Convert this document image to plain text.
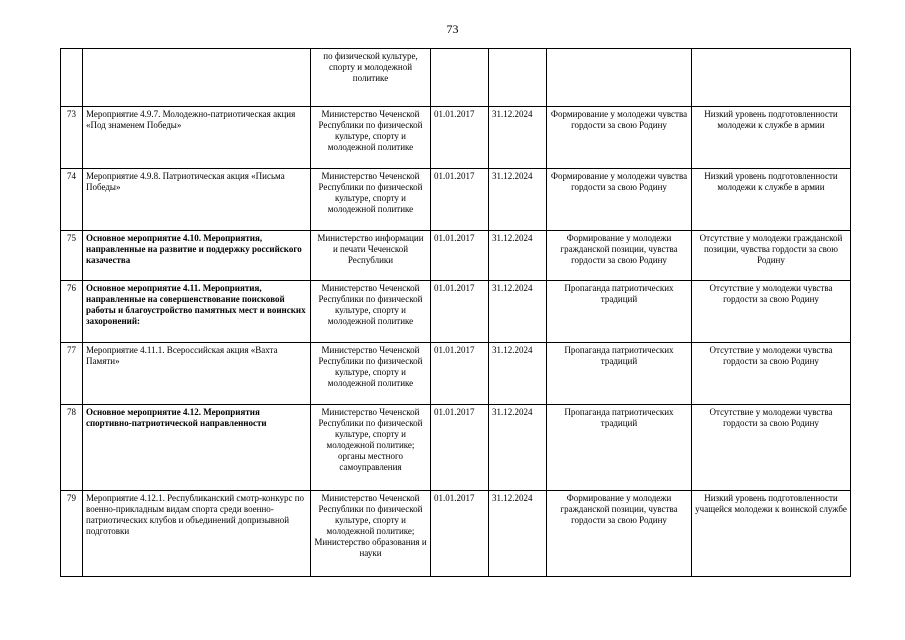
73
		по физической культуре, спорту и молодежной политике				
73	Мероприятие 4.9.7. Молодежно-патриотическая акция «Под знаменем Победы»	Министерство Чеченской Республики по физической культуре, спорту и молодежной политике	01.01.2017	31.12.2024	Формирование у молодежи чувства гордости за свою Родину	Низкий уровень подготовленности молодежи к службе в армии
74	Мероприятие 4.9.8. Патриотическая акция «Письма Победы»	Министерство Чеченской Республики по физической культуре, спорту и молодежной политике	01.01.2017	31.12.2024	Формирование у молодежи чувства гордости за свою Родину	Низкий уровень подготовленности молодежи к службе в армии
75	Основное мероприятие 4.10. Мероприятия, направленные на развитие и поддержку российского казачества	Министерство информации и печати Чеченской Республики	01.01.2017	31.12.2024	Формирование у молодежи гражданской позиции, чувства гордости за свою Родину	Отсутствие у молодежи гражданской позиции, чувства гордости за свою Родину
76	Основное мероприятие 4.11. Мероприятия, направленные на совершенствование поисковой работы и благоустройство памятных мест и воинских захоронений:	Министерство Чеченской Республики по физической культуре, спорту и молодежной политике	01.01.2017	31.12.2024	Пропаганда патриотических традиций	Отсутствие у молодежи чувства гордости за свою Родину
77	Мероприятие 4.11.1. Всероссийская акция «Вахта Памяти»	Министерство Чеченской Республики по физической культуре, спорту и молодежной политике	01.01.2017	31.12.2024	Пропаганда патриотических традиций	Отсутствие у молодежи чувства гордости за свою Родину
78	Основное мероприятие 4.12. Мероприятия спортивно-патриотической направленности	Министерство Чеченской Республики по физической культуре, спорту и молодежной политике; органы местного самоуправления	01.01.2017	31.12.2024	Пропаганда патриотических традиций	Отсутствие у молодежи чувства гордости за свою Родину
79	Мероприятие 4.12.1. Республиканский смотр-конкурс по военно-прикладным видам спорта среди военно-патриотических клубов и объединений допризывной подготовки	Министерство Чеченской Республики по физической культуре, спорту и молодежной политике; Министерство образования и науки	01.01.2017	31.12.2024	Формирование у молодежи гражданской позиции, чувства гордости за свою Родину	Низкий уровень подготовленности учащейся молодежи к воинской службе
